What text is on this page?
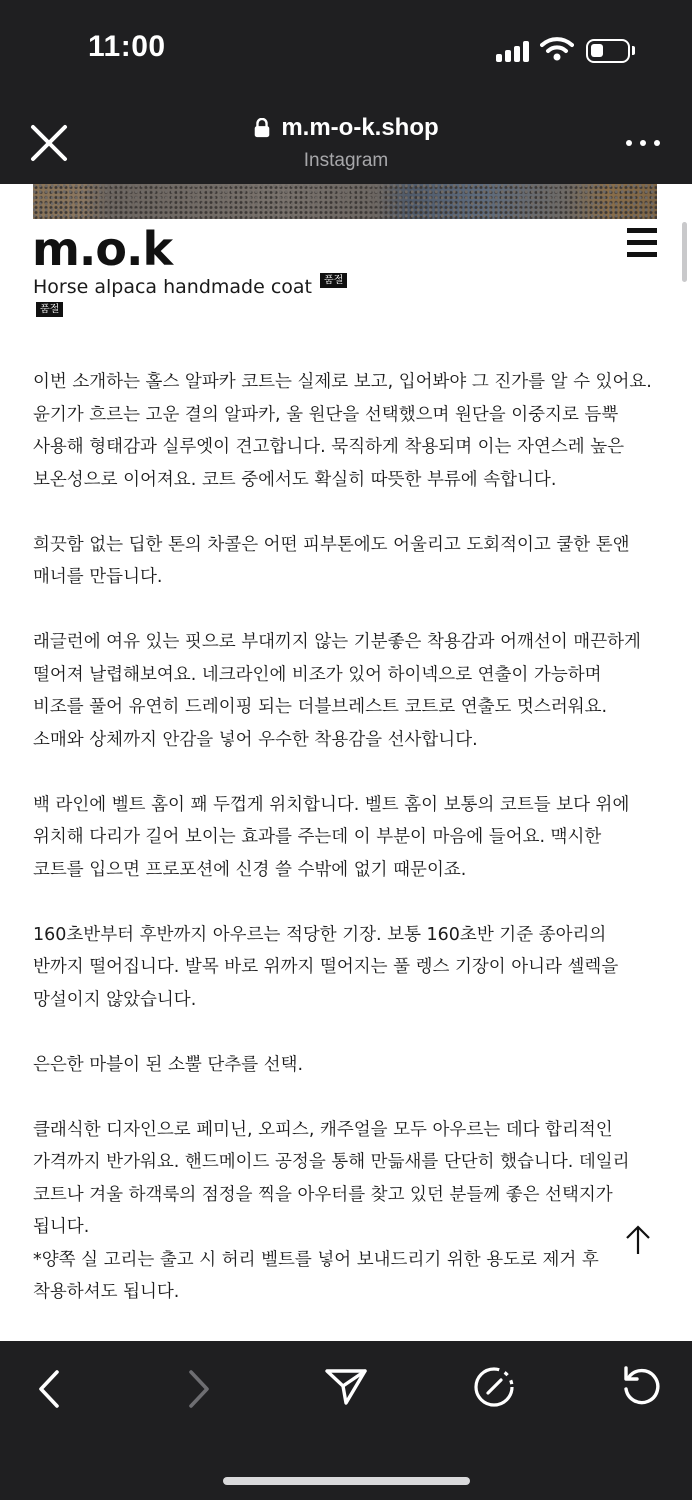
11:00
m.m-o-k.shop
Instagram
m.o.k
Horse alpaca handmade coat 품절
품절

이번 소개하는 홀스 알파카 코트는 실제로 보고, 입어봐야 그 진가를 알 수 있어요. 윤기가 흐르는 고운 결의 알파카, 울 원단을 선택했으며 원단을 이중지로 듬뿍 사용해 형태감과 실루엣이 견고합니다. 묵직하게 착용되며 이는 자연스레 높은 보온성으로 이어져요. 코트 중에서도 확실히 따뜻한 부류에 속합니다.

희끗함 없는 딥한 톤의 차콜은 어떤 피부톤에도 어울리고 도회적이고 쿨한 톤앤 매너를 만듭니다.

래글런에 여유 있는 핏으로 부대끼지 않는 기분좋은 착용감과 어깨선이 매끈하게 떨어져 날렵해보여요. 네크라인에 비조가 있어 하이넥으로 연출이 가능하며 비조를 풀어 유연히 드레이핑 되는 더블브레스트 코트로 연출도 멋스러워요. 소매와 상체까지 안감을 넣어 우수한 착용감을 선사합니다.

백 라인에 벨트 홈이 꽤 두껍게 위치합니다. 벨트 홈이 보통의 코트들 보다 위에 위치해 다리가 길어 보이는 효과를 주는데 이 부분이 마음에 들어요. 맥시한 코트를 입으면 프로포션에 신경 쓸 수밖에 없기 때문이죠.

160초반부터 후반까지 아우르는 적당한 기장. 보통 160초반 기준 종아리의 반까지 떨어집니다. 발목 바로 위까지 떨어지는 풀 렝스 기장이 아니라 셀렉을 망설이지 않았습니다.

은은한 마블이 된 소뿔 단추를 선택.

클래식한 디자인으로 페미닌, 오피스, 캐주얼을 모두 아우르는 데다 합리적인 가격까지 반가워요. 핸드메이드 공정을 통해 만듦새를 단단히 했습니다. 데일리 코트나 겨울 하객룩의 점정을 찍을 아우터를 찾고 있던 분들께 좋은 선택지가 됩니다.
*양쪽 실 고리는 출고 시 허리 벨트를 넣어 보내드리기 위한 용도로 제거 후 착용하셔도 됩니다.
